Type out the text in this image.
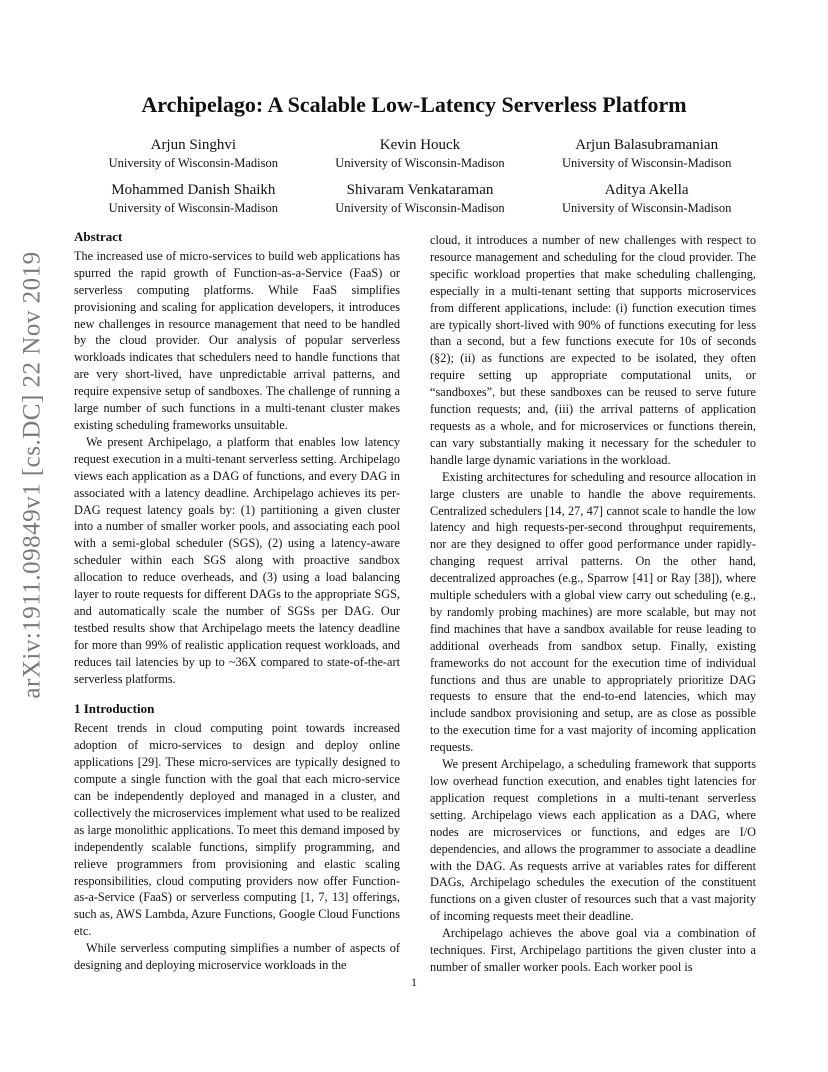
arXiv:1911.09849v1 [cs.DC] 22 Nov 2019
Archipelago: A Scalable Low-Latency Serverless Platform
Arjun Singhvi
University of Wisconsin-Madison
Kevin Houck
University of Wisconsin-Madison
Arjun Balasubramanian
University of Wisconsin-Madison
Mohammed Danish Shaikh
University of Wisconsin-Madison
Shivaram Venkataraman
University of Wisconsin-Madison
Aditya Akella
University of Wisconsin-Madison
Abstract

The increased use of micro-services to build web applications has spurred the rapid growth of Function-as-a-Service (FaaS) or serverless computing platforms. While FaaS simplifies provisioning and scaling for application developers, it introduces new challenges in resource management that need to be handled by the cloud provider. Our analysis of popular serverless workloads indicates that schedulers need to handle functions that are very short-lived, have unpredictable arrival patterns, and require expensive setup of sandboxes. The challenge of running a large number of such functions in a multi-tenant cluster makes existing scheduling frameworks unsuitable.

We present Archipelago, a platform that enables low latency request execution in a multi-tenant serverless setting. Archipelago views each application as a DAG of functions, and every DAG in associated with a latency deadline. Archipelago achieves its per-DAG request latency goals by: (1) partitioning a given cluster into a number of smaller worker pools, and associating each pool with a semi-global scheduler (SGS), (2) using a latency-aware scheduler within each SGS along with proactive sandbox allocation to reduce overheads, and (3) using a load balancing layer to route requests for different DAGs to the appropriate SGS, and automatically scale the number of SGSs per DAG. Our testbed results show that Archipelago meets the latency deadline for more than 99% of realistic application request workloads, and reduces tail latencies by up to ~36X compared to state-of-the-art serverless platforms.

1 Introduction

Recent trends in cloud computing point towards increased adoption of micro-services to design and deploy online applications [29]. These micro-services are typically designed to compute a single function with the goal that each micro-service can be independently deployed and managed in a cluster, and collectively the microservices implement what used to be realized as large monolithic applications. To meet this demand imposed by independently scalable functions, simplify programming, and relieve programmers from provisioning and elastic scaling responsibilities, cloud computing providers now offer Function-as-a-Service (FaaS) or serverless computing [1, 7, 13] offerings, such as, AWS Lambda, Azure Functions, Google Cloud Functions etc.

While serverless computing simplifies a number of aspects of designing and deploying microservice workloads in the

cloud, it introduces a number of new challenges with respect to resource management and scheduling for the cloud provider. The specific workload properties that make scheduling challenging, especially in a multi-tenant setting that supports microservices from different applications, include: (i) function execution times are typically short-lived with 90% of functions executing for less than a second, but a few functions execute for 10s of seconds (§2); (ii) as functions are expected to be isolated, they often require setting up appropriate computational units, or “sandboxes”, but these sandboxes can be reused to serve future function requests; and, (iii) the arrival patterns of application requests as a whole, and for microservices or functions therein, can vary substantially making it necessary for the scheduler to handle large dynamic variations in the workload.

Existing architectures for scheduling and resource allocation in large clusters are unable to handle the above requirements. Centralized schedulers [14, 27, 47] cannot scale to handle the low latency and high requests-per-second throughput requirements, nor are they designed to offer good performance under rapidly-changing request arrival patterns. On the other hand, decentralized approaches (e.g., Sparrow [41] or Ray [38]), where multiple schedulers with a global view carry out scheduling (e.g., by randomly probing machines) are more scalable, but may not find machines that have a sandbox available for reuse leading to additional overheads from sandbox setup. Finally, existing frameworks do not account for the execution time of individual functions and thus are unable to appropriately prioritize DAG requests to ensure that the end-to-end latencies, which may include sandbox provisioning and setup, are as close as possible to the execution time for a vast majority of incoming application requests.

We present Archipelago, a scheduling framework that supports low overhead function execution, and enables tight latencies for application request completions in a multi-tenant serverless setting. Archipelago views each application as a DAG, where nodes are microservices or functions, and edges are I/O dependencies, and allows the programmer to associate a deadline with the DAG. As requests arrive at variables rates for different DAGs, Archipelago schedules the execution of the constituent functions on a given cluster of resources such that a vast majority of incoming requests meet their deadline.

Archipelago achieves the above goal via a combination of techniques. First, Archipelago partitions the given cluster into a number of smaller worker pools. Each worker pool is

1
